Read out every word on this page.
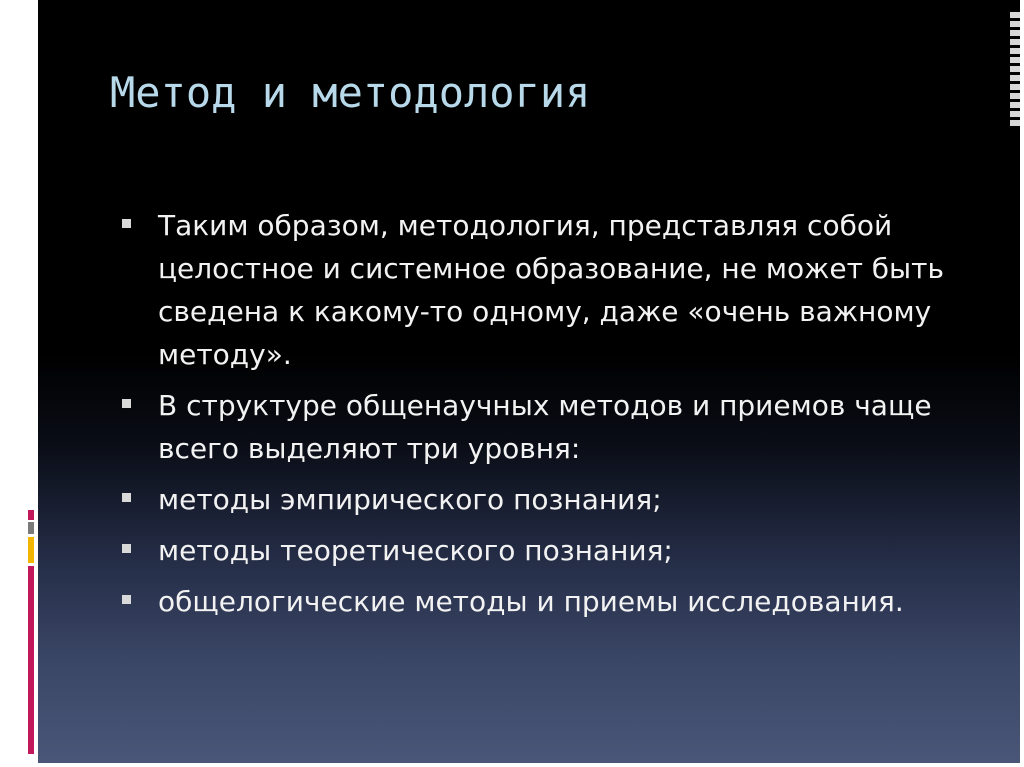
Метод и методология
Таким образом, методология, представляя собой целостное и системное образование, не может быть сведена к какому-то одному, даже «очень важному методу».
В структуре общенаучных методов и приемов чаще всего выделяют три уровня:
методы эмпирического познания;
методы теоретического познания;
общелогические методы и приемы исследования.
